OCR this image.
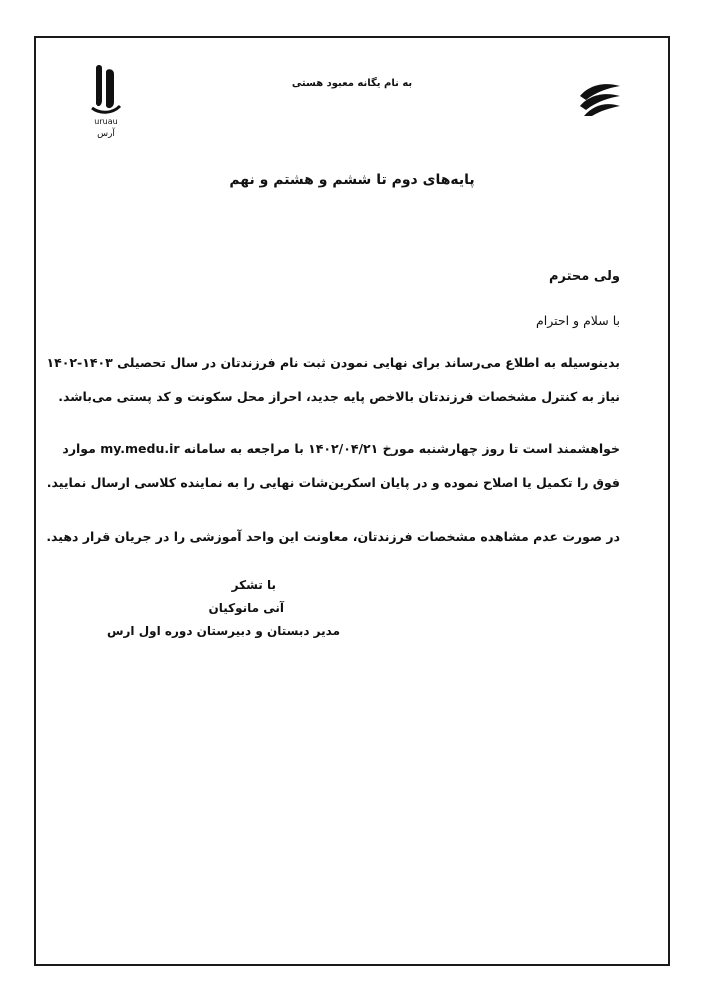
uruau
آرس
به نام یگانه معبود هستی
پایه‌های دوم تا ششم و هشتم و نهم
ولی محترم
با سلام و احترام
بدینوسیله به اطلاع می‌رساند برای نهایی نمودن ثبت نام فرزندتان در سال تحصیلی ۱۴۰۳-۱۴۰۲
نیاز به کنترل مشخصات فرزندتان بالاخص پایه جدید، احراز محل سکونت و کد پستی می‌باشد.
خواهشمند است تا روز چهارشنبه مورخ ۱۴۰۲/۰۴/۲۱ با مراجعه به سامانه my.medu.ir موارد
فوق را تکمیل یا اصلاح نموده و در پایان اسکرین‌شات نهایی را به نماینده کلاسی ارسال نمایید.
در صورت عدم مشاهده مشخصات فرزندتان، معاونت این واحد آموزشی را در جریان قرار دهید.
با تشکر
آنی مانوکیان
مدیر دبستان و دبیرستان دوره اول ارس
